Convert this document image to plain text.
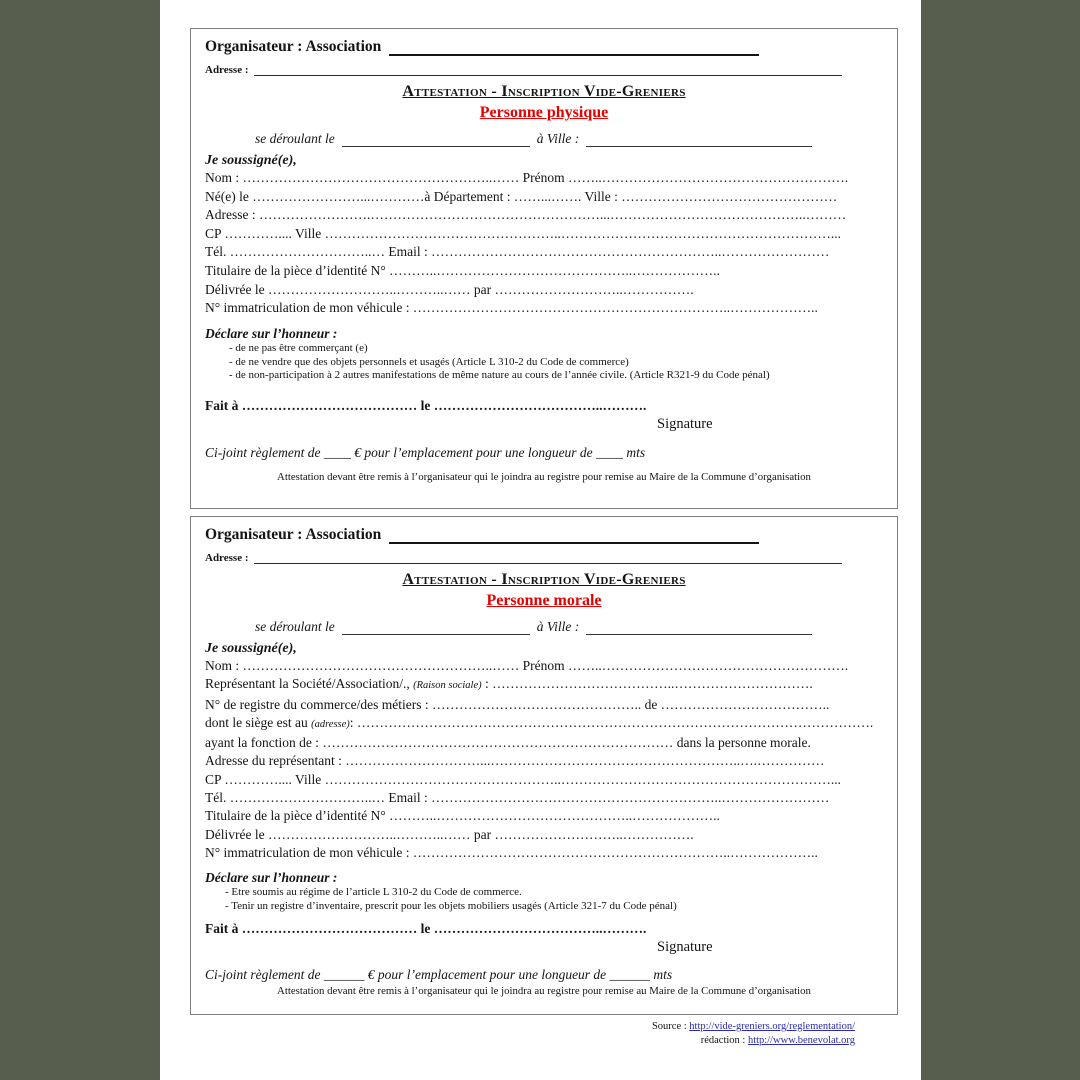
Organisateur : Association
Adresse :
Attestation - Inscription Vide-Greniers
Personne physique
se déroulant le	à Ville :
Je soussigné(e),
Nom : ………………………………………………..…… Prénom ……..……………………………………………….
Né(e) le ……………………...…………à Département : ……...……. Ville : …………………………………………
Adresse : …………………….……………………………………………...……………………………………..………
CP ………….... Ville ……………………………………………..……………………………………………………...
Tél. …………………………..… Email : ………………………………………………………..……………………
Titulaire de la pièce d’identité N° ………..……………………………………..………………..
Délivrée le ………………………..………..…… par ………………………..…………….
N° immatriculation de mon véhicule : ……………………………………………………………..………………..
Déclare sur l’honneur :
- de ne pas être commerçant (e)
- de ne vendre que des objets personnels et usagés (Article L 310-2 du Code de commerce)
- de non-participation à 2 autres manifestations de même nature au cours de l’année civile. (Article R321-9 du Code pénal)
Fait à ………………………………… le ………………………………..……….
Signature
Ci-joint règlement de ____ € pour l’emplacement pour une longueur de ____ mts
Attestation devant être remis à l’organisateur qui le joindra au registre pour remise au Maire de la Commune d’organisation
Organisateur : Association
Adresse :
Attestation - Inscription Vide-Greniers
Personne morale
se déroulant le	à Ville :
Je soussigné(e),
Nom : ………………………………………………..…… Prénom ……..……………………………………………….
Représentant la Société/Association/., (Raison sociale) : …………………………………..………………………….
N° de registre du commerce/des métiers : ……………………………………….. de ………………………………..
dont le siège est au (adresse): …………………………………………………………………………………………………….
ayant la fonction de : …………………………………………………………………… dans la personne morale.
Adresse du représentant : …………………………...………………………………………………..….……………
CP ………….... Ville ……………………………………………..……………………………………………………...
Tél. …………………………..… Email : ………………………………………………………..……………………
Titulaire de la pièce d’identité N° ………..……………………………………..………………..
Délivrée le ………………………..………..…… par ………………………..…………….
N° immatriculation de mon véhicule : ……………………………………………………………..………………..
Déclare sur l’honneur :
- Etre soumis au régime de l’article L 310-2 du Code de commerce.
- Tenir un registre d’inventaire, prescrit pour les objets mobiliers usagés (Article 321-7 du Code pénal)
Fait à ………………………………… le ………………………………..……….
Signature
Ci-joint règlement de ______ € pour l’emplacement pour une longueur de ______ mts
Attestation devant être remis à l’organisateur qui le joindra au registre pour remise au Maire de la Commune d’organisation
Source : http://vide-greniers.org/reglementation/
rédaction : http://www.benevolat.org
